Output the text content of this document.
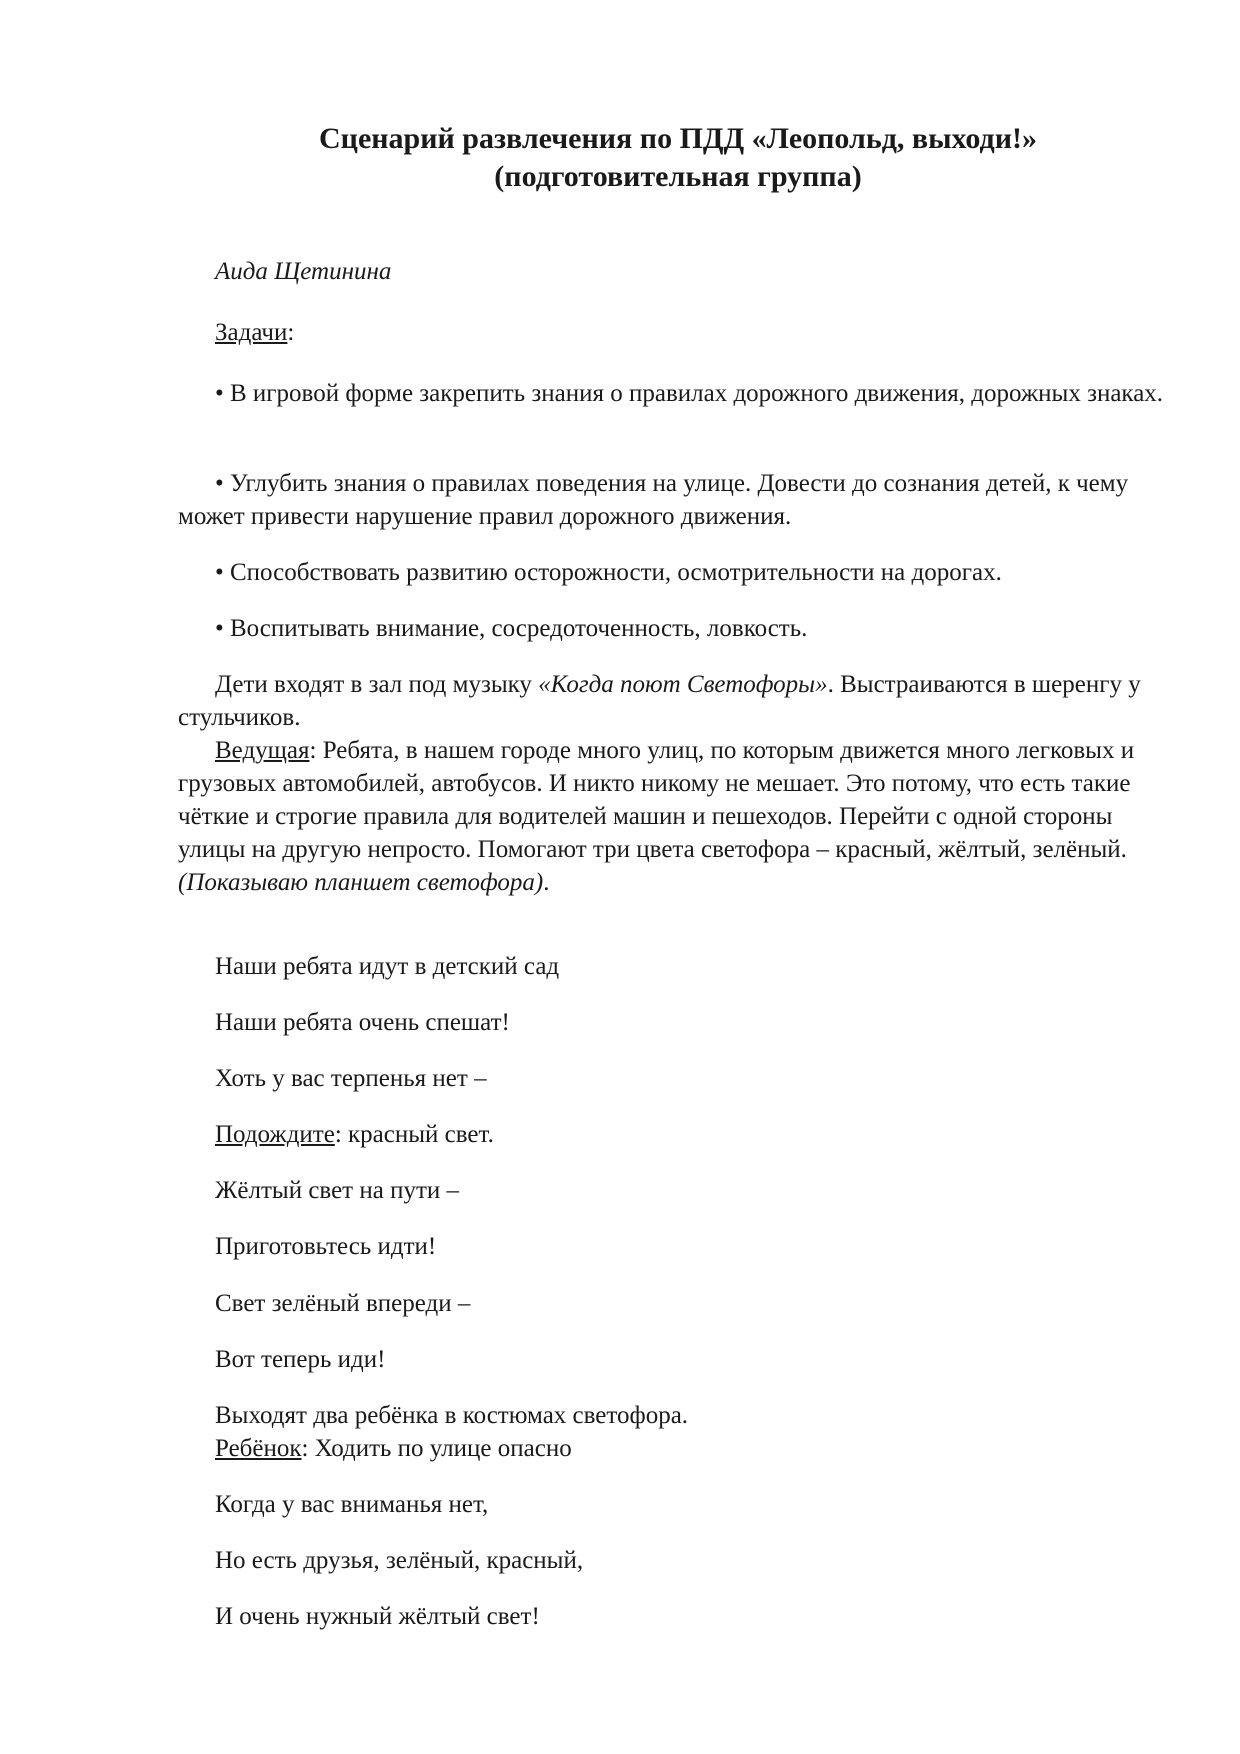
Сценарий развлечения по ПДД «Леопольд, выходи!»
(подготовительная группа)

Аида Щетинина

Задачи:

• В игровой форме закрепить знания о правилах дорожного движения, дорожных знаках.

• Углубить знания о правилах поведения на улице. Довести до сознания детей, к чему может привести нарушение правил дорожного движения.

• Способствовать развитию осторожности, осмотрительности на дорогах.

• Воспитывать внимание, сосредоточенность, ловкость.

Дети входят в зал под музыку «Когда поют Светофоры». Выстраиваются в шеренгу у стульчиков.

Ведущая: Ребята, в нашем городе много улиц, по которым движется много легковых и грузовых автомобилей, автобусов. И никто никому не мешает. Это потому, что есть такие чёткие и строгие правила для водителей машин и пешеходов. Перейти с одной стороны улицы на другую непросто. Помогают три цвета светофора – красный, жёлтый, зелёный. (Показываю планшет светофора).

Наши ребята идут в детский сад

Наши ребята очень спешат!

Хоть у вас терпенья нет –

Подождите: красный свет.

Жёлтый свет на пути –

Приготовьтесь идти!

Свет зелёный впереди –

Вот теперь иди!

Выходят два ребёнка в костюмах светофора.

Ребёнок: Ходить по улице опасно

Когда у вас вниманья нет,

Но есть друзья, зелёный, красный,

И очень нужный жёлтый свет!
